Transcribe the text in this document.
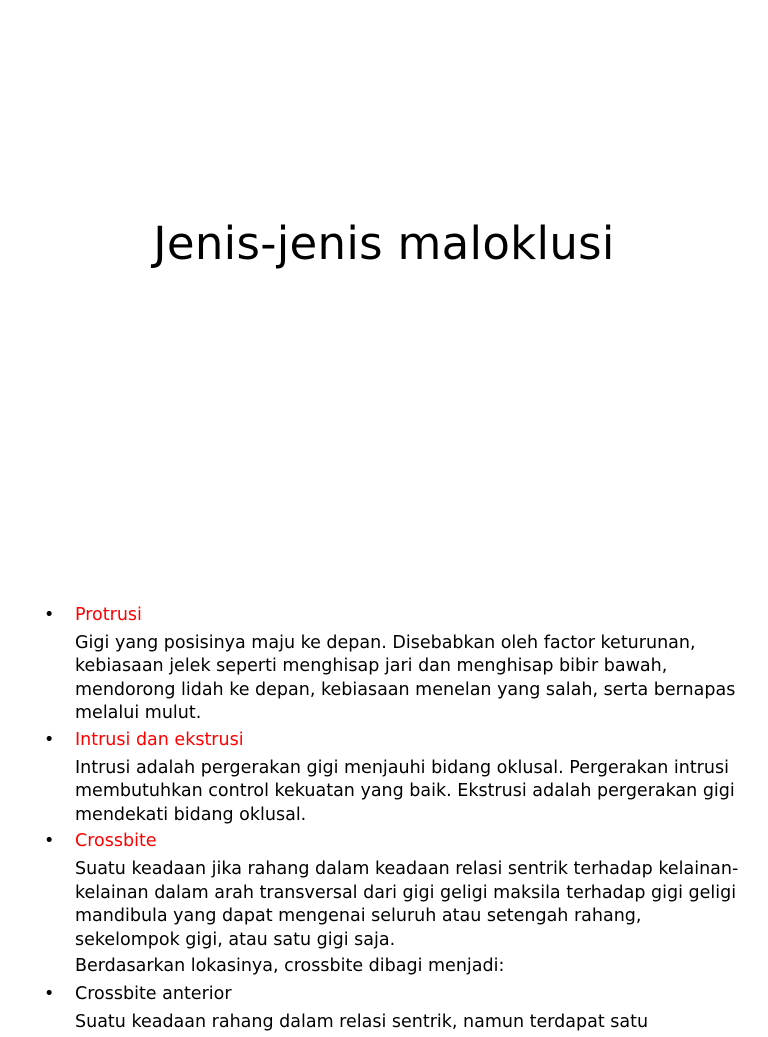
Jenis-jenis maloklusi
•	Protrusi
Gigi yang posisinya maju ke depan. Disebabkan oleh factor keturunan, kebiasaan jelek seperti menghisap jari dan menghisap bibir bawah, mendorong lidah ke depan, kebiasaan menelan yang salah, serta bernapas melalui mulut.
•	Intrusi dan ekstrusi
Intrusi adalah pergerakan gigi menjauhi bidang oklusal. Pergerakan intrusi membutuhkan control kekuatan yang baik. Ekstrusi adalah pergerakan gigi mendekati bidang oklusal.
•	Crossbite
Suatu keadaan jika rahang dalam keadaan relasi sentrik terhadap kelainan-kelainan dalam arah transversal dari gigi geligi maksila terhadap gigi geligi mandibula yang dapat mengenai seluruh atau setengah rahang, sekelompok gigi, atau satu gigi saja.
Berdasarkan lokasinya, crossbite dibagi menjadi:
•	Crossbite anterior
Suatu keadaan rahang dalam relasi sentrik, namun terdapat satu
